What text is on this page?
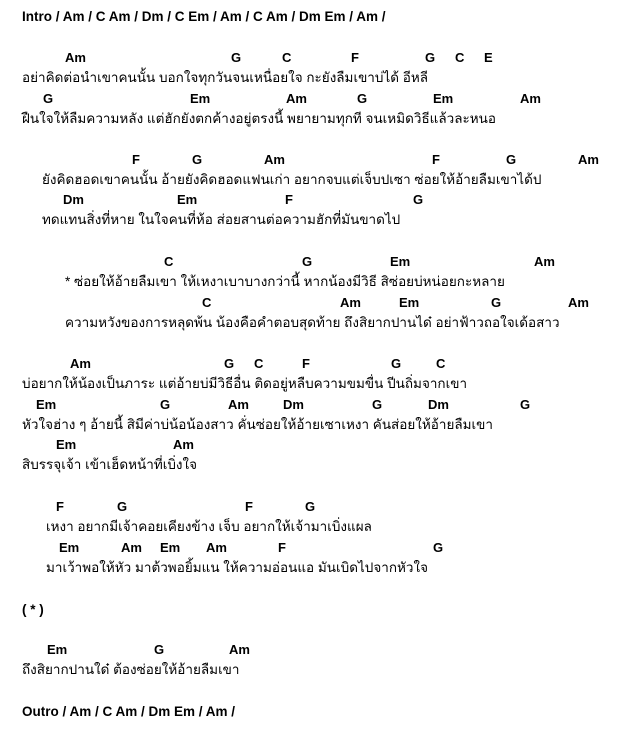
Intro / Am / C Am / Dm / C Em / Am / C Am / Dm Em / Am /
Am	G	C	F	G C E
อย่าคิดต่อนำเขาคนนั้น บอกใจทุกวันจนเหนื่อยใจ กะยังลืมเขาบ่ได้ อีหลี
G	Em	Am	G	Em	Am
ฝืนใจให้ลืมความหลัง แต่ฮักยังตกค้างอยู่ตรงนี้ พยายามทุกที จนเหมิดวิธีแล้วละหนอ
F	G	Am	F	G	Am
ยังคิดฮอดเขาคนนั้น อ้ายยังคิดฮอดแฟนเก่า อยากจบแต่เจ็บปเซา ซ่อยให้อ้ายลืมเขาได้ป
Dm	Em	F	G
ทดแทนสิ่งที่หาย ในใจคนที่ห้อ ส่อยสานต่อความฮักที่มันขาดไป
C	G	Em	Am
* ซ่อยให้อ้ายลืมเขา ให้เหงาเบาบางกว่านี้ หากน้องมีวิธี สิซ่อยบ่หน่อยกะหลาย
C	Am	Em	G	Am
ความหวังของการหลุดพ้น น้องคือคำตอบสุดท้าย ถึงสิยากปานได๋ อย่าฟ้าวถอใจเด้อสาว
Am	G C	F	G	C
บ่อยากให้น้องเป็นภาระ แต่อ้ายบ่มีวิธีอื่น ติดอยู่หลืบความขมขื่น ปีนถิ่มจากเขา
Em	G	Am	Dm	G	Dm	G
หัวใจฮ่าง ๆ อ้ายนี้ สิมีค่าบ่น้อน้องสาว คั่นซ่อยให้อ้ายเซาเหงา คันส่อยให้อ้ายลืมเขา
Em	Am
สิบรรจุเจ้า เข้าเฮ็ดหน้าที่เบิ่งใจ
F	G	F	G
เหงา อยากมีเจ้าคอยเคียงข้าง เจ็บ อยากให้เจ้ามาเบิ่งแผล
Em	Am Em Am	F	G
มาเว้าพอให้หัว มาต้วพอยิ้มแน ให้ความอ่อนแอ มันเบิดไปจากหัวใจ
Em	G	Am
ถึงสิยากปานใด๋ ต้องซ่อยให้อ้ายลืมเขา
( * )
Outro / Am / C Am / Dm Em / Am /
